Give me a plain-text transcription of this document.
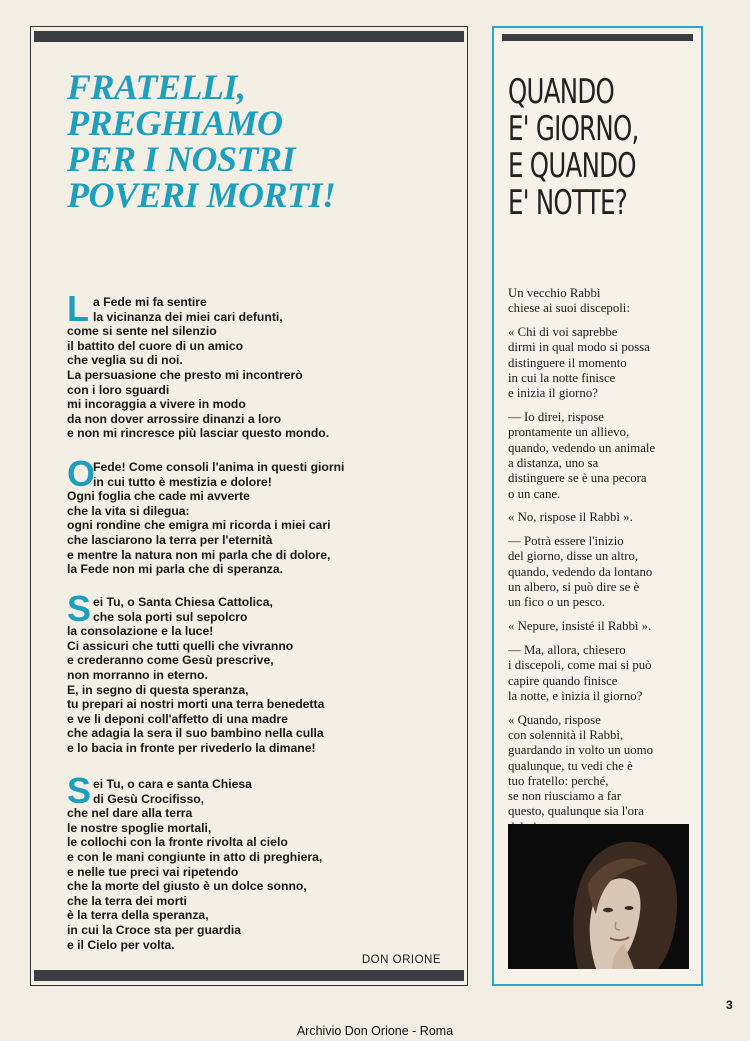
FRATELLI,
PREGHIAMO
PER I NOSTRI
POVERI MORTI!
L a Fede mi fa sentire
la vicinanza dei miei cari defunti,
come si sente nel silenzio
il battito del cuore di un amico
che veglia su di noi.
La persuasione che presto mi incontrerò
con i loro sguardi
mi incoraggia a vivere in modo
da non dover arrossire dinanzi a loro
e non mi rincresce più lasciar questo mondo.
O
Fede! Come consoli l'anima in questi giorni
in cui tutto è mestizia e dolore!
Ogni foglia che cade mi avverte
che la vita si dilegua:
ogni rondine che emigra mi ricorda i miei cari
che lasciarono la terra per l'eternità
e mentre la natura non mi parla che di dolore,
la Fede non mi parla che di speranza.
S ei Tu, o Santa Chiesa Cattolica,
che sola porti sul sepolcro
la consolazione e la luce!
Ci assicuri che tutti quelli che vivranno
e crederanno come Gesù prescrive,
non morranno in eterno.
E, in segno di questa speranza,
tu prepari ai nostri morti una terra benedetta
e ve li deponi coll'affetto di una madre
che adagia la sera il suo bambino nella culla
e lo bacia in fronte per rivederlo la dimane!
S ei Tu, o cara e santa Chiesa
di Gesù Crocifisso,
che nel dare alla terra
le nostre spoglie mortali,
le collochi con la fronte rivolta al cielo
e con le mani congiunte in atto di preghiera,
e nelle tue preci vai ripetendo
che la morte del giusto è un dolce sonno,
che la terra dei morti
è la terra della speranza,
in cui la Croce sta per guardia
e il Cielo per volta.
DON ORIONE
QUANDO
E' GIORNO,
E QUANDO
E' NOTTE?

Un vecchio Rabbì
chiese ai suoi discepoli:

« Chi di voi saprebbe
dirmi in qual modo si possa
distinguere il momento
in cui la notte finisce
e inizia il giorno?

— Io direi, rispose
prontamente un allievo,
quando, vedendo un animale
a distanza, uno sa
distinguere se è una pecora
o un cane.

« No, rispose il Rabbì ».

— Potrà essere l'inizio
del giorno, disse un altro,
quando, vedendo da lontano
un albero, si può dire se è
un fico o un pesco.

« Nepure, insisté il Rabbì ».

— Ma, allora, chiesero
i discepoli, come mai si può
capire quando finisce
la notte, e inizia il giorno?

« Quando, rispose
con solennità il Rabbì,
guardando in volto un uomo
qualunque, tu vedi che è
tuo fratello: perché,
se non riusciamo a far
questo, qualunque sia l'ora

3
Archivio Don Orione - Roma
